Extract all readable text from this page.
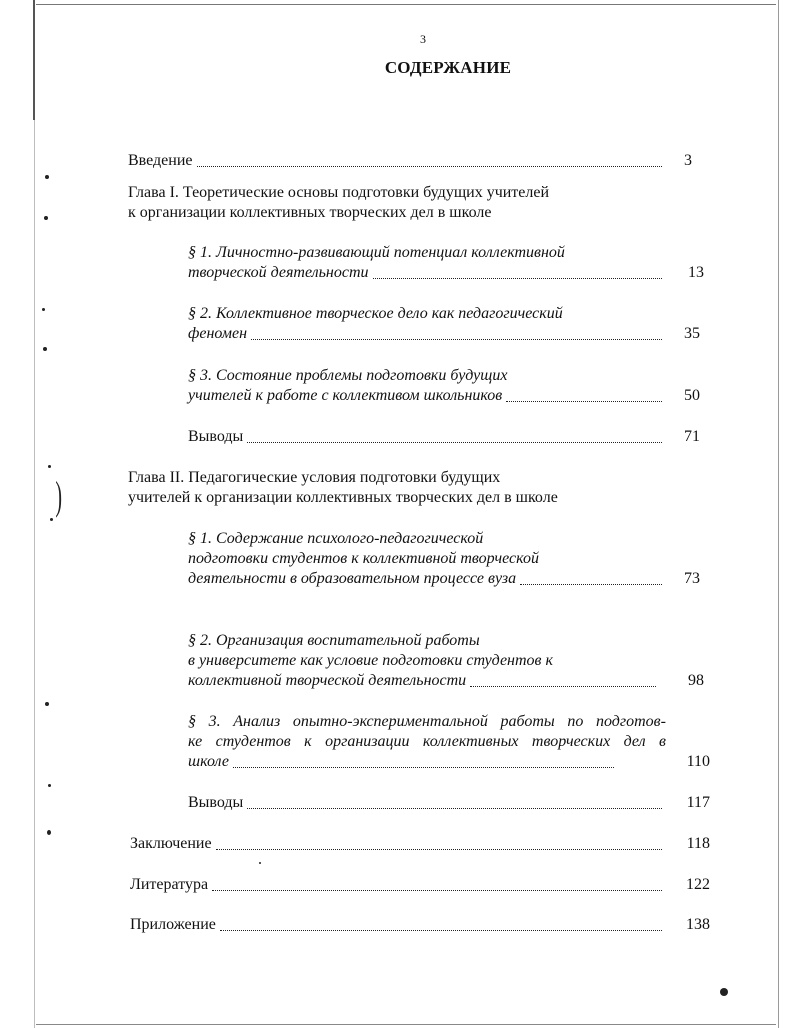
)
3
СОДЕРЖАНИЕ
Введение	3
Глава I. Теоретические основы подготовки будущих учителей
к организации коллективных творческих дел в школе
§ 1. Личностно-развивающий потенциал коллективной
творческой деятельности	13
§ 2. Коллективное творческое дело как педагогический
феномен	35
§ 3. Состояние проблемы подготовки будущих
учителей к работе с коллективом школьников	50
Выводы	71
Глава II. Педагогические условия подготовки будущих
учителей к организации коллективных творческих дел в школе
§ 1. Содержание психолого-педагогической
подготовки студентов к коллективной творческой
деятельности в образовательном процессе вуза	73
§ 2. Организация воспитательной работы
в университете как условие подготовки студентов к
коллективной творческой деятельности	98
§ 3. Анализ опытно-экспериментальной работы по подготов-
ке студентов к организации коллективных творческих дел в
школе	110
Выводы	117
Заключение	118
Литература	122
Приложение	138
